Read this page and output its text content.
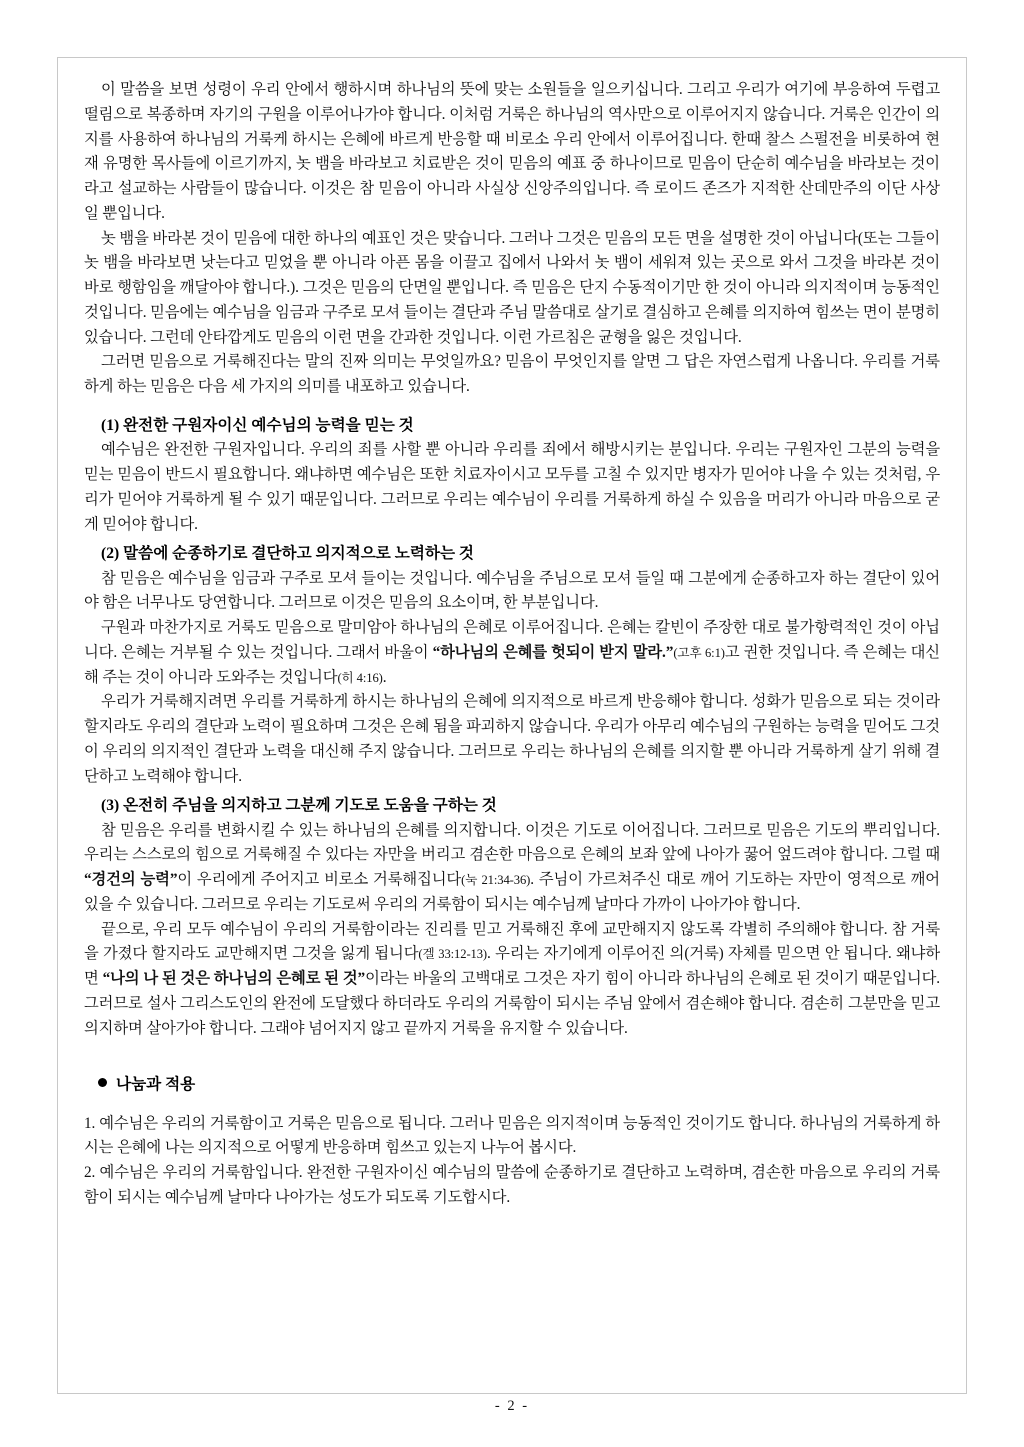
이 말씀을 보면 성령이 우리 안에서 행하시며 하나님의 뜻에 맞는 소원들을 일으키십니다. 그리고 우리가 여기에 부응하여 두렵고 떨림으로 복종하며 자기의 구원을 이루어나가야 합니다. 이처럼 거룩은 하나님의 역사만으로 이루어지지 않습니다. 거룩은 인간이 의지를 사용하여 하나님의 거룩케 하시는 은혜에 바르게 반응할 때 비로소 우리 안에서 이루어집니다. 한때 찰스 스펄전을 비롯하여 현재 유명한 목사들에 이르기까지, 놋 뱀을 바라보고 치료받은 것이 믿음의 예표 중 하나이므로 믿음이 단순히 예수님을 바라보는 것이라고 설교하는 사람들이 많습니다. 이것은 참 믿음이 아니라 사실상 신앙주의입니다. 즉 로이드 존즈가 지적한 산데만주의 이단 사상일 뿐입니다.

놋 뱀을 바라본 것이 믿음에 대한 하나의 예표인 것은 맞습니다. 그러나 그것은 믿음의 모든 면을 설명한 것이 아닙니다(또는 그들이 놋 뱀을 바라보면 낫는다고 믿었을 뿐 아니라 아픈 몸을 이끌고 집에서 나와서 놋 뱀이 세워져 있는 곳으로 와서 그것을 바라본 것이 바로 행함임을 깨달아야 합니다.). 그것은 믿음의 단면일 뿐입니다. 즉 믿음은 단지 수동적이기만 한 것이 아니라 의지적이며 능동적인 것입니다. 믿음에는 예수님을 임금과 구주로 모셔 들이는 결단과 주님 말씀대로 살기로 결심하고 은혜를 의지하여 힘쓰는 면이 분명히 있습니다. 그런데 안타깝게도 믿음의 이런 면을 간과한 것입니다. 이런 가르침은 균형을 잃은 것입니다.

그러면 믿음으로 거룩해진다는 말의 진짜 의미는 무엇일까요? 믿음이 무엇인지를 알면 그 답은 자연스럽게 나옵니다. 우리를 거룩하게 하는 믿음은 다음 세 가지의 의미를 내포하고 있습니다.

(1) 완전한 구원자이신 예수님의 능력을 믿는 것

예수님은 완전한 구원자입니다. 우리의 죄를 사할 뿐 아니라 우리를 죄에서 해방시키는 분입니다. 우리는 구원자인 그분의 능력을 믿는 믿음이 반드시 필요합니다. 왜냐하면 예수님은 또한 치료자이시고 모두를 고칠 수 있지만 병자가 믿어야 나을 수 있는 것처럼, 우리가 믿어야 거룩하게 될 수 있기 때문입니다. 그러므로 우리는 예수님이 우리를 거룩하게 하실 수 있음을 머리가 아니라 마음으로 굳게 믿어야 합니다.

(2) 말씀에 순종하기로 결단하고 의지적으로 노력하는 것

참 믿음은 예수님을 임금과 구주로 모셔 들이는 것입니다. 예수님을 주님으로 모셔 들일 때 그분에게 순종하고자 하는 결단이 있어야 함은 너무나도 당연합니다. 그러므로 이것은 믿음의 요소이며, 한 부분입니다.

구원과 마찬가지로 거룩도 믿음으로 말미암아 하나님의 은혜로 이루어집니다. 은혜는 칼빈이 주장한 대로 불가항력적인 것이 아닙니다. 은혜는 거부될 수 있는 것입니다. 그래서 바울이 “하나님의 은혜를 헛되이 받지 말라.”(고후 6:1)고 권한 것입니다. 즉 은혜는 대신 해 주는 것이 아니라 도와주는 것입니다(히 4:16).

우리가 거룩해지려면 우리를 거룩하게 하시는 하나님의 은혜에 의지적으로 바르게 반응해야 합니다. 성화가 믿음으로 되는 것이라 할지라도 우리의 결단과 노력이 필요하며 그것은 은혜 됨을 파괴하지 않습니다. 우리가 아무리 예수님의 구원하는 능력을 믿어도 그것이 우리의 의지적인 결단과 노력을 대신해 주지 않습니다. 그러므로 우리는 하나님의 은혜를 의지할 뿐 아니라 거룩하게 살기 위해 결단하고 노력해야 합니다.

(3) 온전히 주님을 의지하고 그분께 기도로 도움을 구하는 것

참 믿음은 우리를 변화시킬 수 있는 하나님의 은혜를 의지합니다. 이것은 기도로 이어집니다. 그러므로 믿음은 기도의 뿌리입니다. 우리는 스스로의 힘으로 거룩해질 수 있다는 자만을 버리고 겸손한 마음으로 은혜의 보좌 앞에 나아가 꿇어 엎드려야 합니다. 그럴 때 “경건의 능력”이 우리에게 주어지고 비로소 거룩해집니다(눅 21:34-36). 주님이 가르쳐주신 대로 깨어 기도하는 자만이 영적으로 깨어 있을 수 있습니다. 그러므로 우리는 기도로써 우리의 거룩함이 되시는 예수님께 날마다 가까이 나아가야 합니다.

끝으로, 우리 모두 예수님이 우리의 거룩함이라는 진리를 믿고 거룩해진 후에 교만해지지 않도록 각별히 주의해야 합니다. 참 거룩을 가졌다 할지라도 교만해지면 그것을 잃게 됩니다(겔 33:12-13). 우리는 자기에게 이루어진 의(거룩) 자체를 믿으면 안 됩니다. 왜냐하면 “나의 나 된 것은 하나님의 은혜로 된 것”이라는 바울의 고백대로 그것은 자기 힘이 아니라 하나님의 은혜로 된 것이기 때문입니다. 그러므로 설사 그리스도인의 완전에 도달했다 하더라도 우리의 거룩함이 되시는 주님 앞에서 겸손해야 합니다. 겸손히 그분만을 믿고 의지하며 살아가야 합니다. 그래야 넘어지지 않고 끝까지 거룩을 유지할 수 있습니다.

나눔과 적용

1. 예수님은 우리의 거룩함이고 거룩은 믿음으로 됩니다. 그러나 믿음은 의지적이며 능동적인 것이기도 합니다. 하나님의 거룩하게 하시는 은혜에 나는 의지적으로 어떻게 반응하며 힘쓰고 있는지 나누어 봅시다.

2. 예수님은 우리의 거룩함입니다. 완전한 구원자이신 예수님의 말씀에 순종하기로 결단하고 노력하며, 겸손한 마음으로 우리의 거룩함이 되시는 예수님께 날마다 나아가는 성도가 되도록 기도합시다.

- 2 -
